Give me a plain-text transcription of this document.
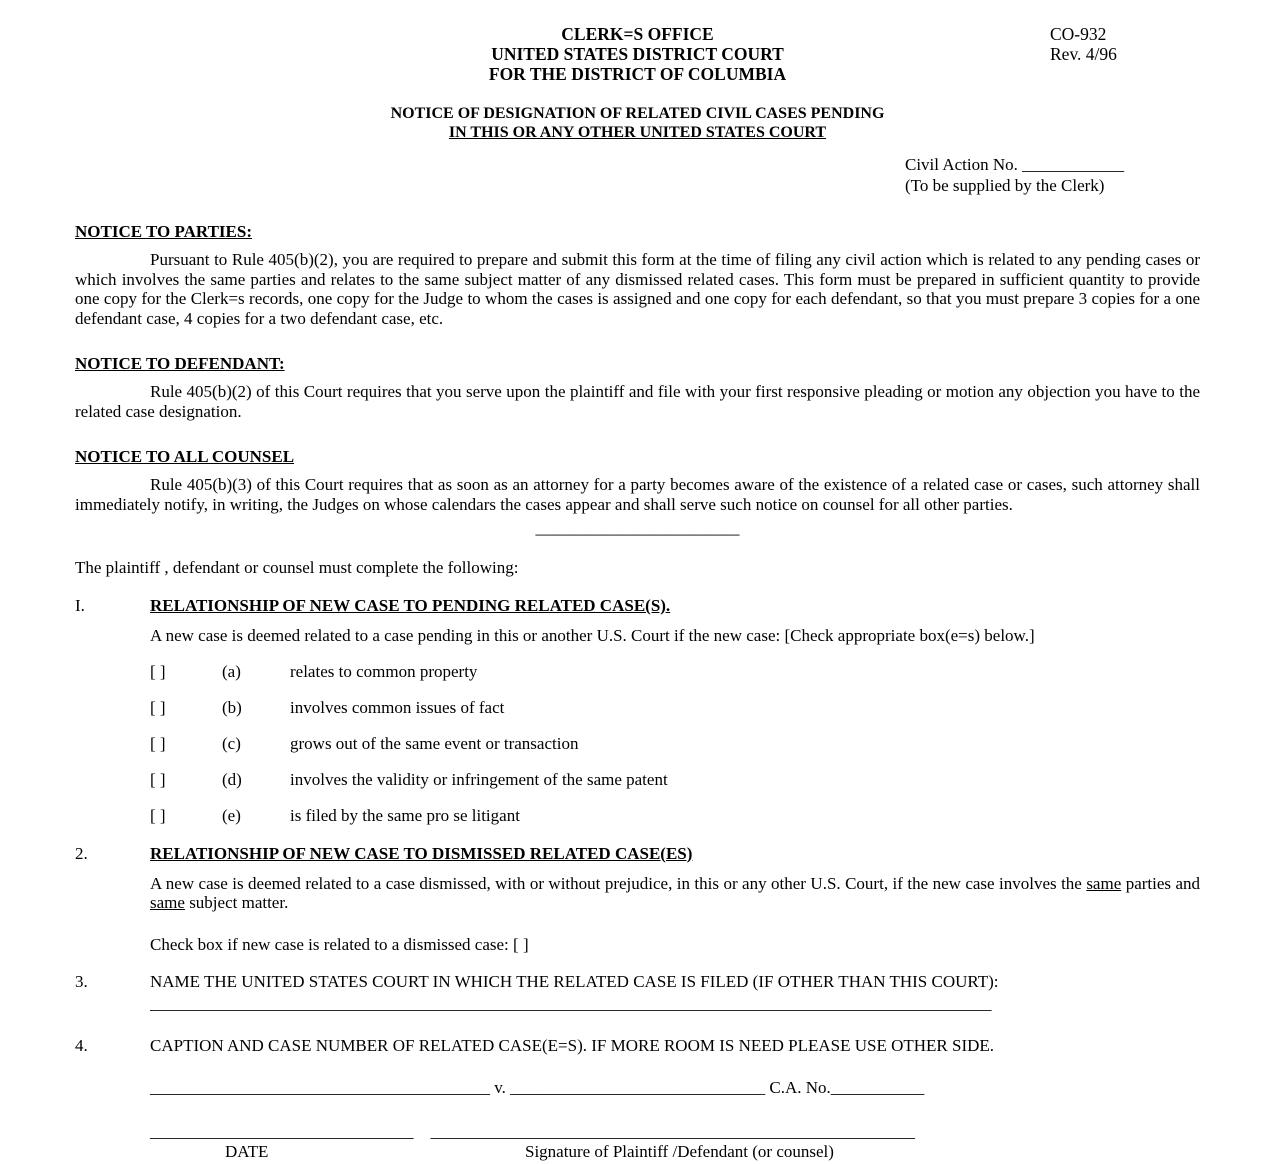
CLERK=S OFFICE
UNITED STATES DISTRICT COURT
FOR THE DISTRICT OF COLUMBIA
CO-932
Rev. 4/96
NOTICE OF DESIGNATION OF RELATED CIVIL CASES PENDING
IN THIS OR ANY OTHER UNITED STATES COURT
Civil Action No. ____________
(To be supplied by the Clerk)
NOTICE TO PARTIES:

Pursuant to Rule 405(b)(2), you are required to prepare and submit this form at the time of filing any civil action which is related to any pending cases or which involves the same parties and relates to the same subject matter of any dismissed related cases. This form must be prepared in sufficient quantity to provide one copy for the Clerk=s records, one copy for the Judge to whom the cases is assigned and one copy for each defendant, so that you must prepare 3 copies for a one defendant case, 4 copies for a two defendant case, etc.

NOTICE TO DEFENDANT:

Rule 405(b)(2) of this Court requires that you serve upon the plaintiff and file with your first responsive pleading or motion any objection you have to the related case designation.

NOTICE TO ALL COUNSEL

Rule 405(b)(3) of this Court requires that as soon as an attorney for a party becomes aware of the existence of a related case or cases, such attorney shall immediately notify, in writing, the Judges on whose calendars the cases appear and shall serve such notice on counsel for all other parties.

————————————
The plaintiff , defendant or counsel must complete the following:
I.	RELATIONSHIP OF NEW CASE TO PENDING RELATED CASE(S).
A new case is deemed related to a case pending in this or another U.S. Court if the new case: [Check appropriate box(e=s) below.]
[ ]	(a)	relates to common property
[ ]	(b)	involves common issues of fact
[ ]	(c)	grows out of the same event or transaction
[ ]	(d)	involves the validity or infringement of the same patent
[ ]	(e)	is filed by the same pro se litigant
2.	RELATIONSHIP OF NEW CASE TO DISMISSED RELATED CASE(ES)
A new case is deemed related to a case dismissed, with or without prejudice, in this or any other U.S. Court, if the new case involves the same parties and same subject matter.
Check box if new case is related to a dismissed case: [ ]
3.	NAME THE UNITED STATES COURT IN WHICH THE RELATED CASE IS FILED (IF OTHER THAN THIS COURT):
___________________________________________________________________________________________________
4.	CAPTION AND CASE NUMBER OF RELATED CASE(E=S). IF MORE ROOM IS NEED PLEASE USE OTHER SIDE.
________________________________________ v. ______________________________ C.A. No.___________
_______________________________ _________________________________________________________
DATE	Signature of Plaintiff /Defendant (or counsel)
